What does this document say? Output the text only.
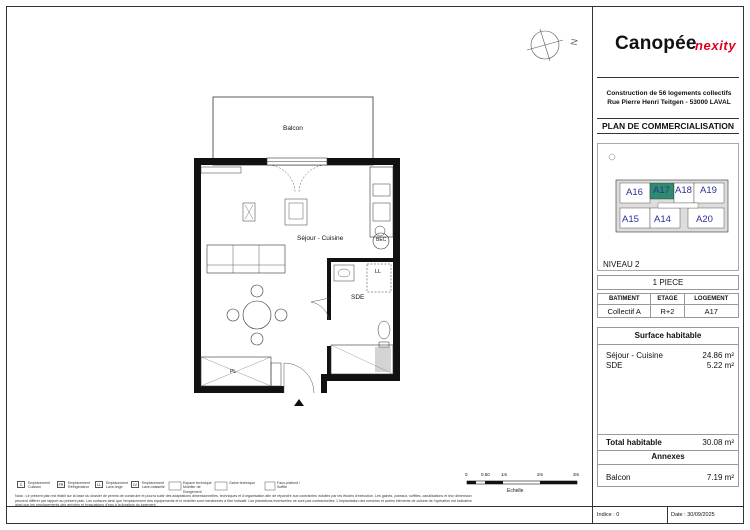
Balcon
Séjour - Cuisine	BEC
LL
SDE
PL
N
0	0.50 1m	2m	3m
Echelle
C	Emplacement Cuisson
FR	Emplacement Réfrigérateur
LL	Emplacement Lave-linge
LV	Emplacement Lave-vaisselle
Espace technique Mobilier de Rangement
Gaine technique	Faux-plafond / Soffite
Nota : Le présent plan est établi sur la base du dossier de permis de construire et pourra subir des adaptations dimensionnelles, techniques et d'organisation afin de répondre aux contraintes induites par les études d'exécution. Les gaines, poteaux, soffites, canalisations et leur dimension
peuvent différer par rapport au présent plan. Les surfaces ainsi que l'emplacement des équipements et le mobilier sont mentionnés à titre indicatif. Les plantations éventuelles ne sont pas contractuelles. L'implantation des meubles et autres éléments de cuisine de l'opération est indicative
ainsi que les emplacements des arrivées et évacuations d'eau à la livraison du logement.
Canopée
nexity
Construction de 56 logements collectifs
Rue Pierre Henri Teitgen - 53000 LAVAL
PLAN DE COMMERCIALISATION
A16 A17 A18 A19
A15 A14	A20
NIVEAU 2
1 PIECE
BATIMENT	ETAGE	LOGEMENT
Collectif A	R+2	A17
Surface habitable
Séjour - Cuisine	24.86 m²
SDE	5.22 m²
Total habitable	30.08 m²
Annexes
Balcon	7.19 m²
Indice : 0	Date : 30/09/2025
